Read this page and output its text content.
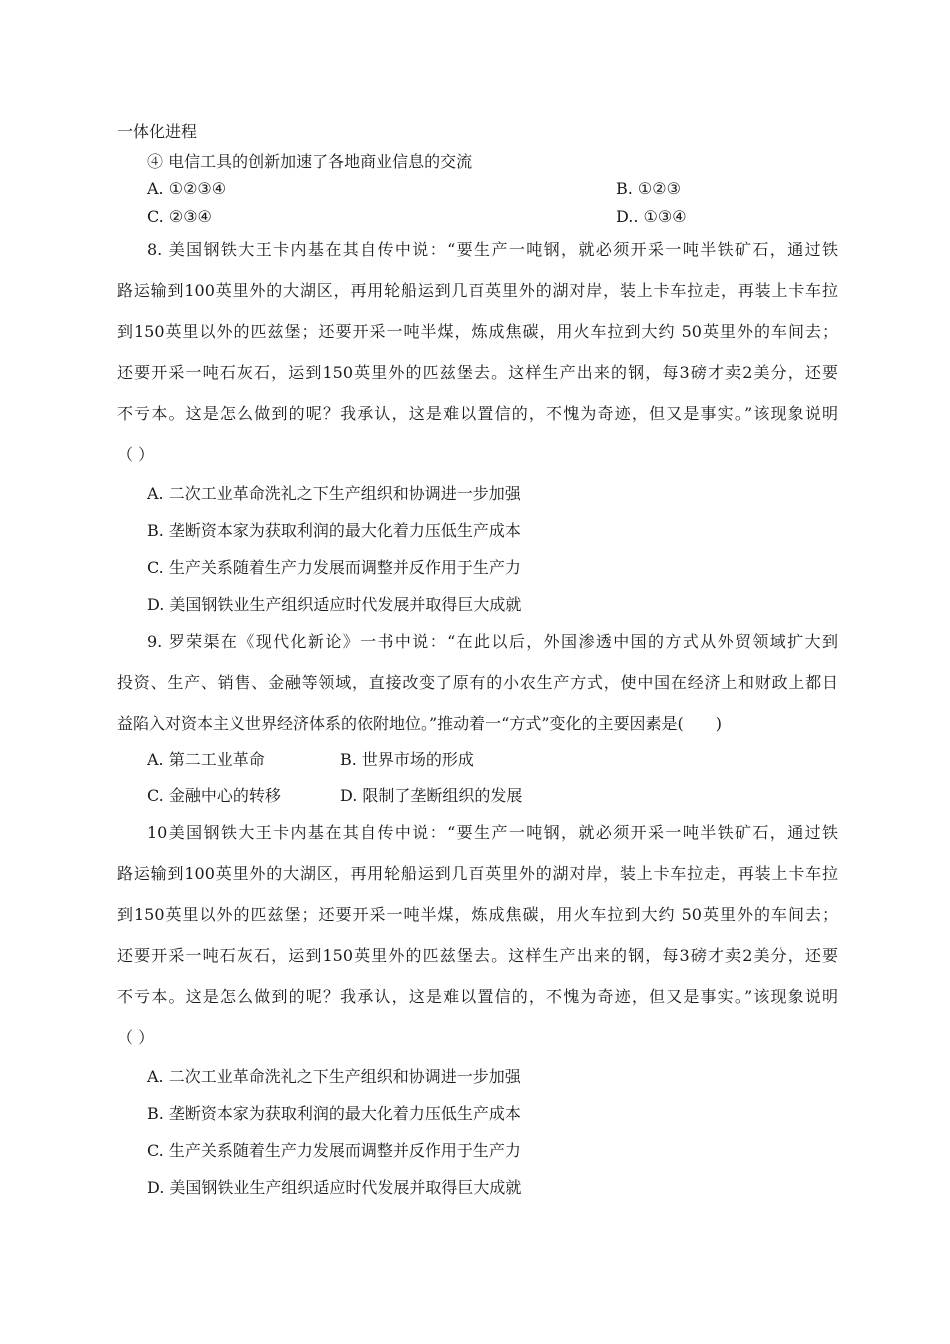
一体化进程
④ 电信工具的创新加速了各地商业信息的交流
A. ①②③④	B. ①②③
C. ②③④	D.. ①③④
8. 美国钢铁大王卡内基在其自传中说：“要生产一吨钢，就必须开采一吨半铁矿石，通过铁
路运输到100英里外的大湖区，再用轮船运到几百英里外的湖对岸，装上卡车拉走，再装上卡车拉
到150英里以外的匹兹堡；还要开采一吨半煤，炼成焦碳，用火车拉到大约 50英里外的车间去；
还要开采一吨石灰石，运到150英里外的匹兹堡去。这样生产出来的钢，每3磅才卖2美分，还要
不亏本。这是怎么做到的呢？我承认，这是难以置信的，不愧为奇迹，但又是事实。”该现象说明
（ ）
A. 二次工业革命洗礼之下生产组织和协调进一步加强
B. 垄断资本家为获取利润的最大化着力压低生产成本
C. 生产关系随着生产力发展而调整并反作用于生产力
D. 美国钢铁业生产组织适应时代发展并取得巨大成就
9. 罗荣渠在《现代化新论》一书中说：“在此以后，外国渗透中国的方式从外贸领域扩大到
投资、生产、销售、金融等领域，直接改变了原有的小农生产方式，使中国在经济上和财政上都日
益陷入对资本主义世界经济体系的依附地位。”推动着一“方式”变化的主要因素是(　　)
A. 第二工业革命	B. 世界市场的形成
C. 金融中心的转移	D. 限制了垄断组织的发展
10美国钢铁大王卡内基在其自传中说：“要生产一吨钢，就必须开采一吨半铁矿石，通过铁
路运输到100英里外的大湖区，再用轮船运到几百英里外的湖对岸，装上卡车拉走，再装上卡车拉
到150英里以外的匹兹堡；还要开采一吨半煤，炼成焦碳，用火车拉到大约 50英里外的车间去；
还要开采一吨石灰石，运到150英里外的匹兹堡去。这样生产出来的钢，每3磅才卖2美分，还要
不亏本。这是怎么做到的呢？我承认，这是难以置信的，不愧为奇迹，但又是事实。”该现象说明
（ ）
A. 二次工业革命洗礼之下生产组织和协调进一步加强
B. 垄断资本家为获取利润的最大化着力压低生产成本
C. 生产关系随着生产力发展而调整并反作用于生产力
D. 美国钢铁业生产组织适应时代发展并取得巨大成就
